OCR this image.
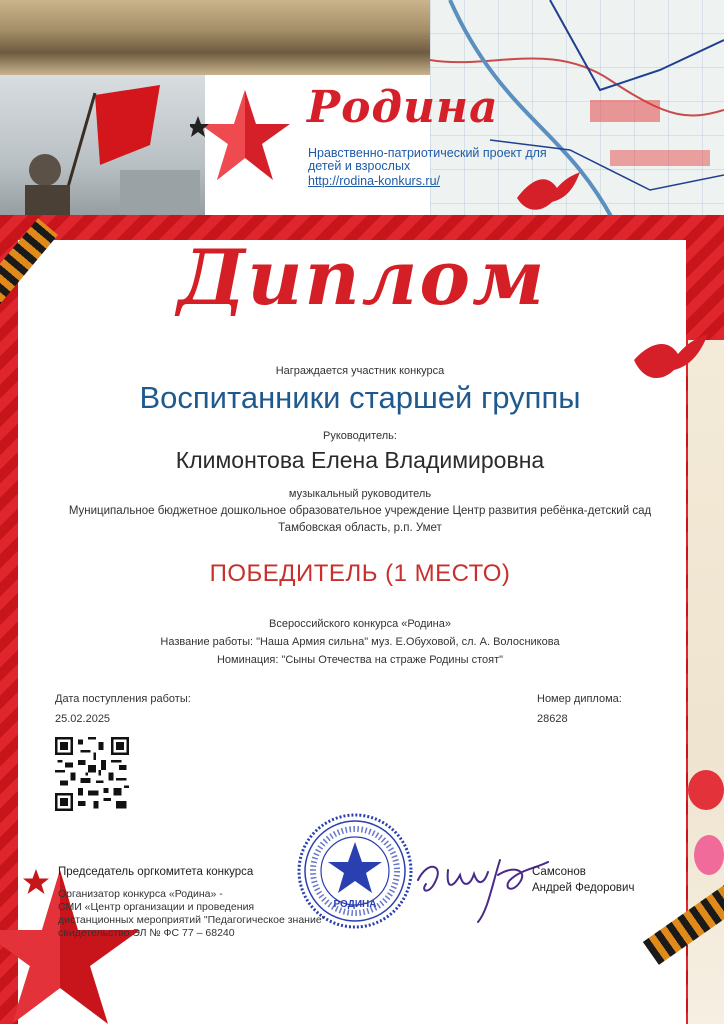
Родина
Нравственно-патриотический проект для детей и взрослых
http://rodina-konkurs.ru/
Диплом
Награждается участник конкурса
Воспитанники старшей группы
Руководитель:
Климонтова Елена Владимировна
музыкальный руководитель
Муниципальное бюджетное дошкольное образовательное учреждение Центр развития ребёнка-детский сад
Тамбовская область, р.п. Умет
ПОБЕДИТЕЛЬ (1 МЕСТО)
Всероссийского конкурса «Родина»
Название работы: "Наша Армия сильна" муз. Е.Обуховой, сл. А. Волосникова
Номинация: "Сыны Отечества на страже Родины стоят"
Дата поступления работы:
25.02.2025
Номер диплома:
28628
Председатель оргкомитета конкурса
Организатор конкурса «Родина» -
СМИ «Центр организации и проведения
дистанционных мероприятий "Педагогическое знание"
свидетельство ЭЛ № ФС 77 – 68240
РОДИНА
Самсонов
Андрей Федорович
